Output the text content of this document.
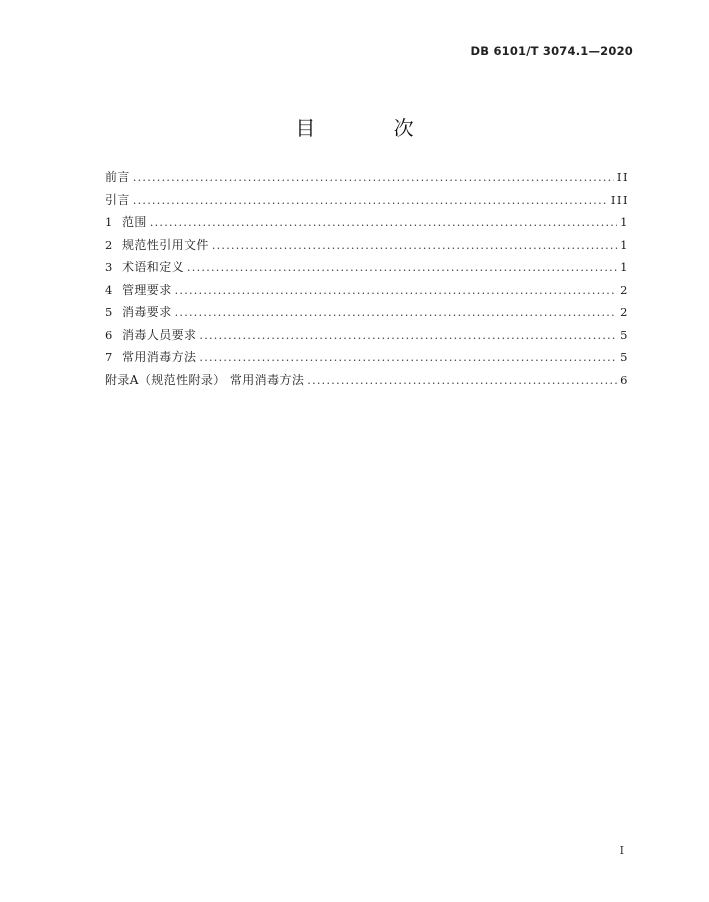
DB 6101/T 3074.1—2020
目 次
前言 .....	II
引言 .....	III
1 范围 .....	1
2 规范性引用文件 .....	1
3 术语和定义 .....	1
4 管理要求 .....	2
5 消毒要求 .....	2
6 消毒人员要求 .....	5
7 常用消毒方法 .....	5
附录A（规范性附录） 常用消毒方法 .....	6
I
